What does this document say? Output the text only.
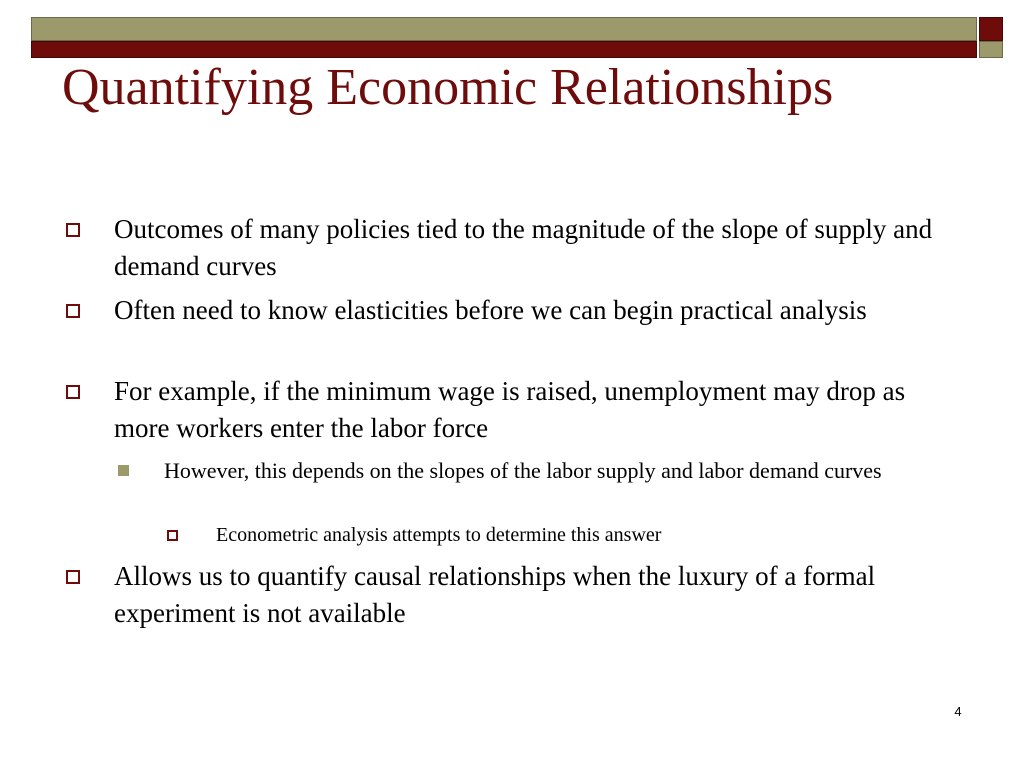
Quantifying Economic Relationships
Outcomes of many policies tied to the magnitude of the slope of supply and demand curves
Often need to know elasticities before we can begin practical analysis
For example, if the minimum wage is raised, unemployment may drop as more workers enter the labor force
However, this depends on the slopes of the labor supply and labor demand curves
Econometric analysis attempts to determine this answer
Allows us to quantify causal relationships when the luxury of a formal experiment is not available
4
